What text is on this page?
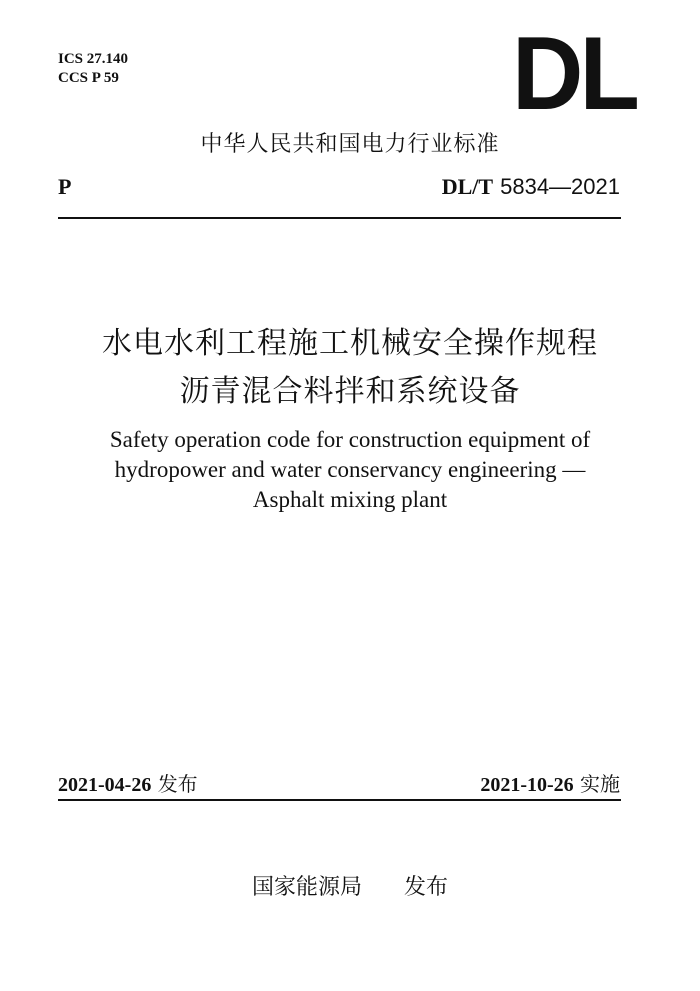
ICS 27.140
CCS P 59	DL
中华人民共和国电力行业标准
P	DL/T 5834—2021
水电水利工程施工机械安全操作规程
沥青混合料拌和系统设备
Safety operation code for construction equipment of
hydropower and water conservancy engineering —
Asphalt mixing plant
2021-04-26 发布	2021-10-26 实施
国家能源局 发布
